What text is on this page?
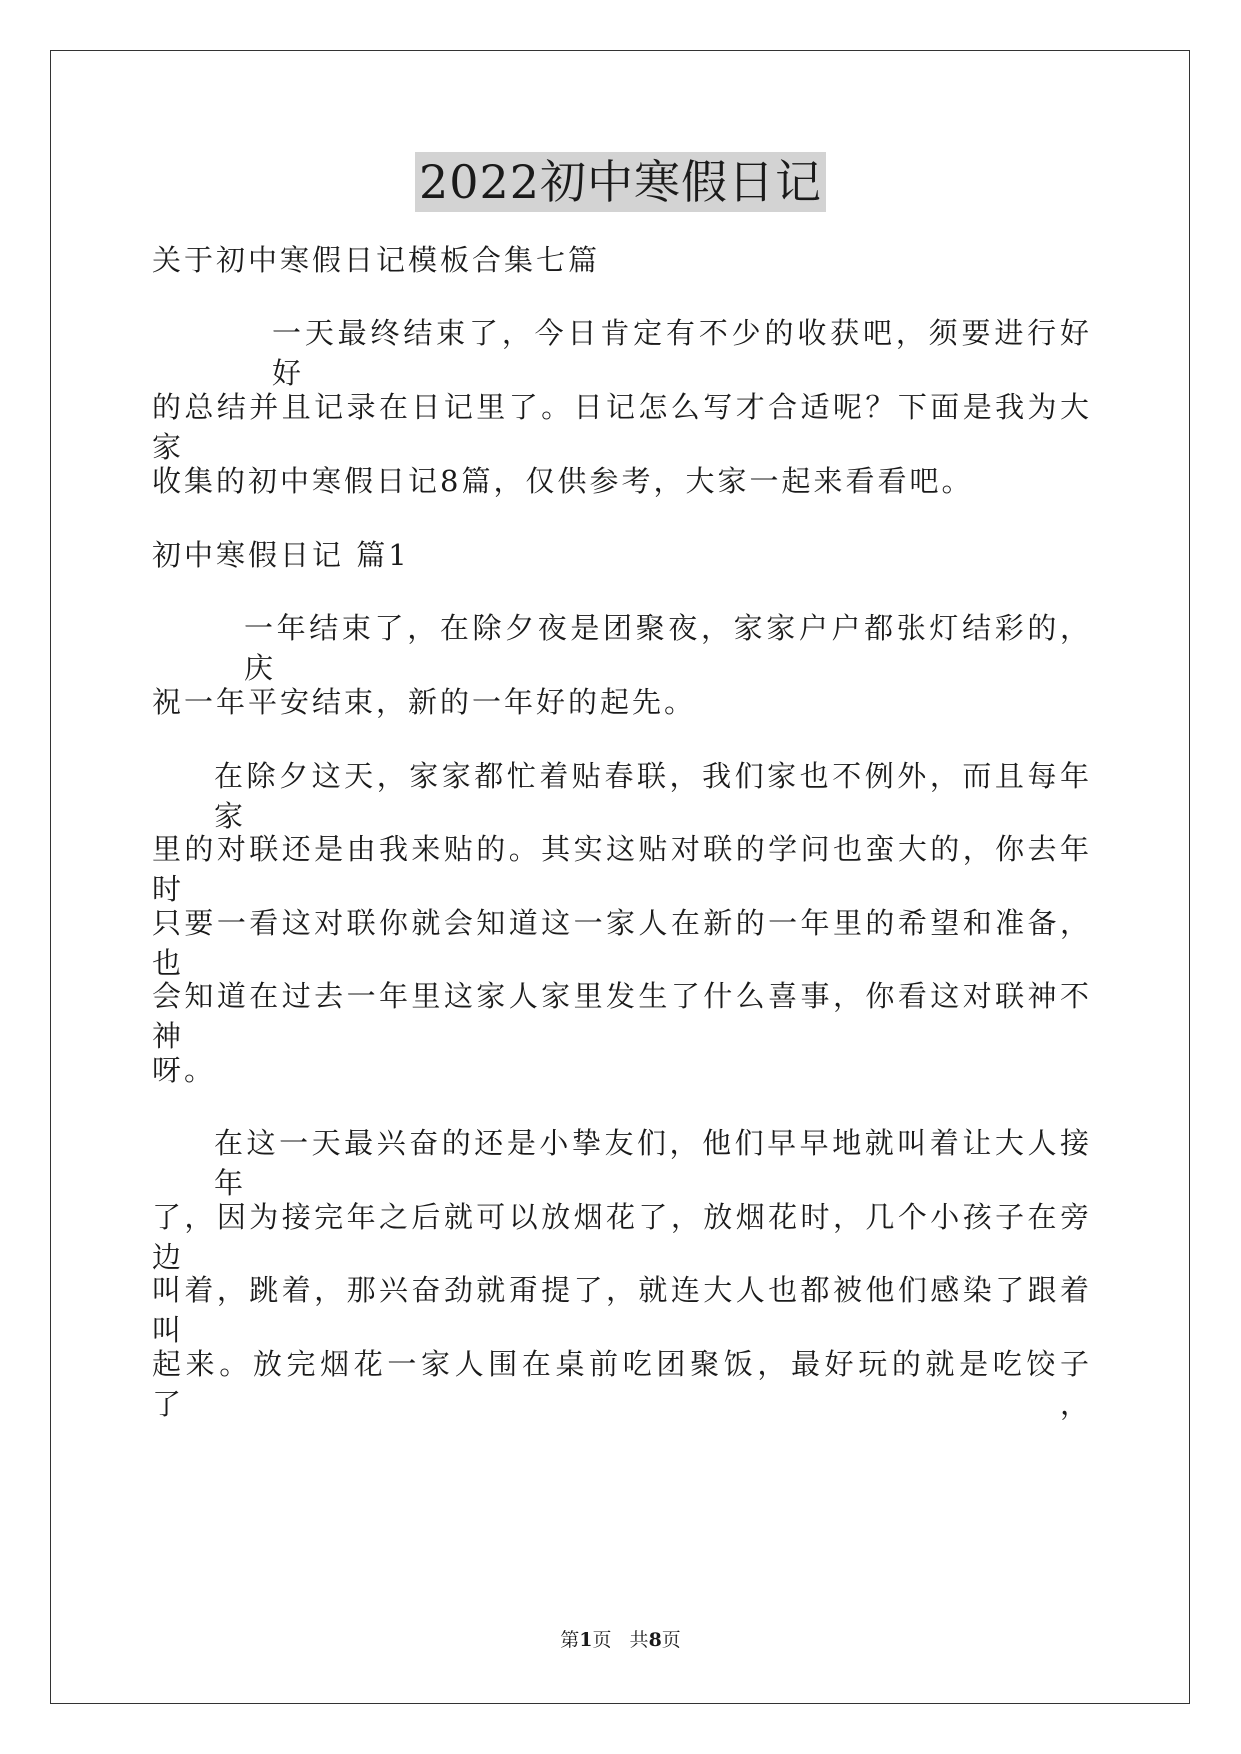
2022初中寒假日记
关于初中寒假日记模板合集七篇
一天最终结束了，今日肯定有不少的收获吧，须要进行好好
的总结并且记录在日记里了。日记怎么写才合适呢？下面是我为大家
收集的初中寒假日记8篇，仅供参考，大家一起来看看吧。
初中寒假日记 篇1
一年结束了，在除夕夜是团聚夜，家家户户都张灯结彩的，庆
祝一年平安结束，新的一年好的起先。
在除夕这天，家家都忙着贴春联，我们家也不例外，而且每年家
里的对联还是由我来贴的。其实这贴对联的学问也蛮大的，你去年时
只要一看这对联你就会知道这一家人在新的一年里的希望和准备，也
会知道在过去一年里这家人家里发生了什么喜事，你看这对联神不神
呀。
在这一天最兴奋的还是小挚友们，他们早早地就叫着让大人接年
了，因为接完年之后就可以放烟花了，放烟花时，几个小孩子在旁边
叫着，跳着，那兴奋劲就甭提了，就连大人也都被他们感染了跟着叫
起来。放完烟花一家人围在桌前吃团聚饭，最好玩的就是吃饺子了，
第1页   共8页
